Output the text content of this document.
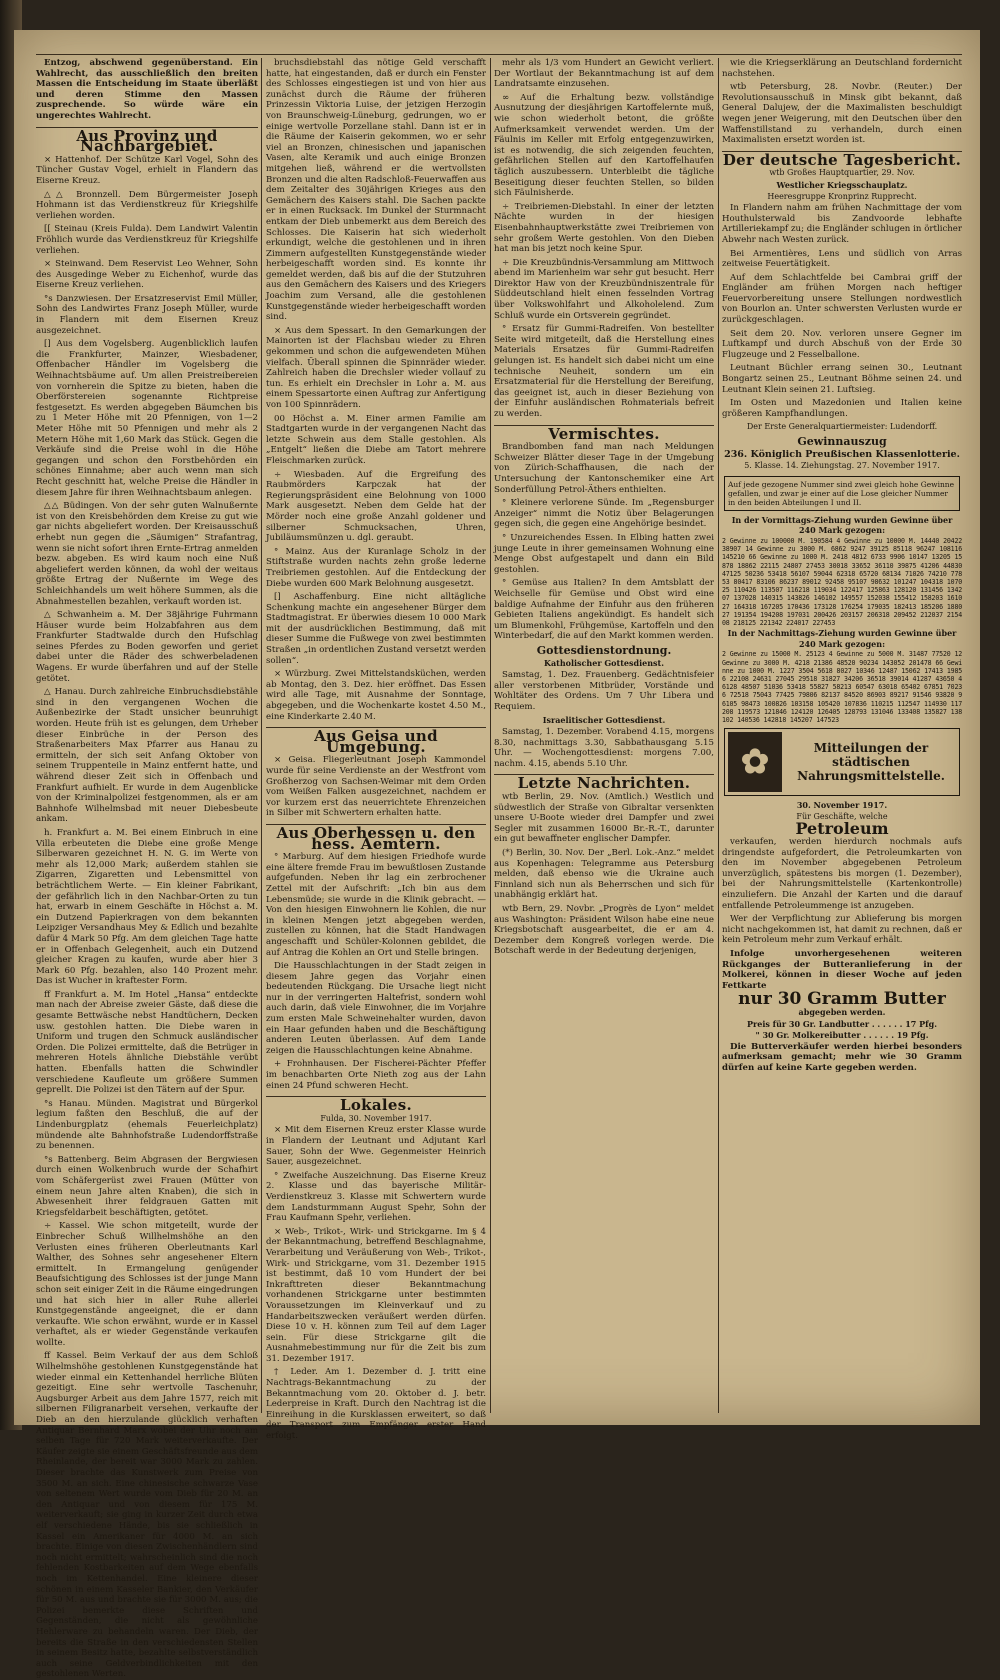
Entzog, abschwend gegenüberstand. Ein Wahlrecht, das ausschließlich den breiten Massen die Entscheidung im Staate überläßt und deren Stimme den Massen zusprechende. So würde wäre ein ungerechtes Wahlrecht.

Aus Provinz und Nachbargebiet.

× Hattenhof. Der Schütze Karl Vogel, Sohn des Tüncher Gustav Vogel, erhielt in Flandern das Eiserne Kreuz.

△△ Bronnzell. Dem Bürgermeister Joseph Hohmann ist das Verdienstkreuz für Kriegshilfe verliehen worden.

[[ Steinau (Kreis Fulda). Dem Landwirt Valentin Fröhlich wurde das Verdienstkreuz für Kriegshilfe verliehen.

× Steinwand. Dem Reservist Leo Wehner, Sohn des Ausgedinge Weber zu Eichenhof, wurde das Eiserne Kreuz verliehen.

°s Danzwiesen. Der Ersatzreservist Emil Müller, Sohn des Landwirtes Franz Joseph Müller, wurde in Flandern mit dem Eisernen Kreuz ausgezeichnet.

[] Aus dem Vogelsberg. Augenblicklich laufen die Frankfurter, Mainzer, Wiesbadener, Offenbacher Händler im Vogelsberg die Weihnachtsbäume auf. Um allen Preistreibereien von vornherein die Spitze zu bieten, haben die Oberförstereien sogenannte Richtpreise festgesetzt. Es werden abgegeben Bäumchen bis zu 1 Meter Höhe mit 20 Pfennigen, von 1—2 Meter Höhe mit 50 Pfennigen und mehr als 2 Metern Höhe mit 1,60 Mark das Stück. Gegen die Verkäufe sind die Preise wohl in die Höhe gegangen und schon den Forstbehörden ein schönes Einnahme; aber auch wenn man sich Recht geschnitt hat, welche Preise die Händler in diesem Jahre für ihren Weihnachtsbaum anlegen.

△△ Büdingen. Von der sehr guten Walnußernte ist von den Kreisbehörden dem Kreise zu gut wie gar nichts abgeliefert worden. Der Kreisausschuß erhebt nun gegen die „Säumigen“ Strafantrag, wenn sie nicht sofort ihren Ernte-Ertrag anmelden bezw. abgeben. Es wird kaum noch eine Nuß abgeliefert werden können, da wohl der weitaus größte Ertrag der Nußernte im Wege des Schleichhandels um weit höhere Summen, als die Abnahmestellen bezahlen, verkauft worden ist.

△ Schwanheim a. M. Der 38jährige Fuhrmann Häuser wurde beim Holzabfahren aus dem Frankfurter Stadtwalde durch den Hufschlag seines Pferdes zu Boden geworfen und geriet dabei unter die Räder des schwerbeladenen Wagens. Er wurde überfahren und auf der Stelle getötet.

△ Hanau. Durch zahlreiche Einbruchsdiebstähle sind in den vergangenen Wochen die Außenbezirke der Stadt unsicher beunruhigt worden. Heute früh ist es gelungen, dem Urheber dieser Einbrüche in der Person des Straßenarbeiters Max Pfarrer aus Hanau zu ermitteln, der sich seit Anfang Oktober von seinem Truppenteile in Mainz entfernt hatte, und während dieser Zeit sich in Offenbach und Frankfurt aufhielt. Er wurde in dem Augenblicke von der Kriminalpolizei festgenommen, als er am Bahnhofe Wilhelmsbad mit neuer Diebesbeute ankam.

h. Frankfurt a. M. Bei einem Einbruch in eine Villa erbeuteten die Diebe eine große Menge Silberwaren gezeichnet H. N. G. im Werte von mehr als 12,000 Mark; außerdem stahlen sie Zigarren, Zigaretten und Lebensmittel von beträchtlichem Werte. — Ein kleiner Fabrikant, der gefährlich lich in den Nachbar-Orten zu tun hat, erwarb in einem Geschäfte in Höchst a. M. ein Dutzend Papierkragen von dem bekannten Leipziger Versandhaus Mey & Edlich und bezahlte dafür 4 Mark 50 Pfg. Am dem gleichen Tage hatte er in Offenbach Gelegenheit, auch ein Dutzend gleicher Kragen zu kaufen, wurde aber hier 3 Mark 60 Pfg. bezahlen, also 140 Prozent mehr. Das ist Wucher in kraftester Form.

ff Frankfurt a. M. Im Hotel „Hansa“ entdeckte man nach der Abreise zweier Gäste, daß diese die gesamte Bettwäsche nebst Handtüchern, Decken usw. gestohlen hatten. Die Diebe waren in Uniform und trugen den Schmuck ausländischer Orden. Die Polizei ermittelte, daß die Betrüger in mehreren Hotels ähnliche Diebstähle verübt hatten. Ebenfalls hatten die Schwindler verschiedene Kaufleute um größere Summen geprellt. Die Polizei ist den Tätern auf der Spur.

°s Hanau. Münden. Magistrat und Bürgerkol legium faßten den Beschluß, die auf der Lindenburgplatz (ehemals Feuerleichplatz) mündende alte Bahnhofstraße Ludendorffstraße zu benennen.

°s Battenberg. Beim Abgrasen der Bergwiesen durch einen Wolkenbruch wurde der Schafhirt vom Schäfergerüst zwei Frauen (Mütter von einem neun Jahre alten Knaben), die sich in Abwesenheit ihrer feldgrauen Gatten mit Kriegsfeldarbeit beschäftigten, getötet.

÷ Kassel. Wie schon mitgeteilt, wurde der Einbrecher Schuß Willhelmshöhe an den Verlusten eines früheren Oberleutnants Karl Walther, des Sohnes sehr angesehener Eltern ermittelt. In Ermangelung genügender Beaufsichtigung des Schlosses ist der junge Mann schon seit einiger Zeit in die Räume eingedrungen und hat sich hier in aller Ruhe allerlei Kunstgegenstände angeeignet, die er dann verkaufte. Wie schon erwähnt, wurde er in Kassel verhaftet, als er wieder Gegenstände verkaufen wollte.

ff Kassel. Beim Verkauf der aus dem Schloß Wilhelmshöhe gestohlenen Kunstgegenstände hat wieder einmal ein Kettenhandel herrliche Blüten gezeitigt. Eine sehr wertvolle Taschenuhr, Augsburger Arbeit aus dem Jahre 1577, reich mit silbernen Filigranarbeit versehen, verkaufte der Dieb an den hierzulande glücklich verhaften Antiquar Bernhard Marx wobei der Uhr noch am selben Tage für 720 Mark weiterverkaufte. Der Käufer zeigte sie einem Geschäftsfreunde aus dem Rheinlande, der bereit war 3000 Mark zu zahlen. Dieser brachte das Kunstwerk zum Preise von 3500 M. an sich. Eine chinesische schwarze Vase von seltenem Wert wurde vom Dieb für 20 M. an den Antiquar und von diesem für 175 M. weiterverkauft; sie ging in kurzer Zeit durch etwa elf verschiedene Hände, bis sie schließlich in Kassel ein Amerikaner für 4000 M. an sich brachte. Einige von diesen Zwischenhändlern sind noch nicht ermittelt; wahrscheinlich sind die noch fehlenden Kostbarkeiten auf dem Wege ebenfalls noch im Kettenhandel. Eine kleinere dieser schönen in einem Kasseler Bankier, den Verkäufer für 50 M. aus und brachte sie für 3000 M. aus; die Polizei bemerkte diese Schriften und Gegenständen, die nicht als gewöhnliche Hehlerware zu behandeln waren. Der Dieb, der bereits die Straße in den verschiedensten Stellen in seinem Besitz hatte, bezahlte selbstverständlich auch seine Geldverbindlichkeiten mit den gestohlenen Werten.

bruchsdiebstahl das nötige Geld verschafft hatte, hat eingestanden, daß er durch ein Fenster des Schlosses eingestiegen ist und von hier aus zunächst durch die Räume der früheren Prinzessin Viktoria Luise, der jetzigen Herzogin von Braunschweig-Lüneburg, gedrungen, wo er einige wertvolle Porzellane stahl. Dann ist er in die Räume der Kaiserin gekommen, wo er sehr viel an Bronzen, chinesischen und japanischen Vasen, alte Keramik und auch einige Bronzen mitgehen ließ, während er die wertvollsten Bronzen und die alten Radschloß-Feuerwaffen aus dem Zeitalter des 30jährigen Krieges aus den Gemächern des Kaisers stahl. Die Sachen packte er in einen Rucksack. Im Dunkel der Sturmnacht entkam der Dieb unbemerkt aus dem Bereich des Schlosses. Die Kaiserin hat sich wiederholt erkundigt, welche die gestohlenen und in ihren Zimmern aufgestellten Kunstgegenstände wieder herbeigeschafft worden sind. Es konnte ihr gemeldet werden, daß bis auf die der Stutzuhren aus den Gemächern des Kaisers und des Kriegers Joachim zum Versand, alle die gestohlenen Kunstgegenstände wieder herbeigeschafft worden sind.

× Aus dem Spessart. In den Gemarkungen der Mainorten ist der Flachsbau wieder zu Ehren gekommen und schon die aufgewendeten Mühen vielfach. Überall spinnen die Spinnräder wieder. Zahlreich haben die Drechsler wieder vollauf zu tun. Es erhielt ein Drechsler in Lohr a. M. aus einem Spessartorte einen Auftrag zur Anfertigung von 100 Spinnrädern.

00 Höchst a. M. Einer armen Familie am Stadtgarten wurde in der vergangenen Nacht das letzte Schwein aus dem Stalle gestohlen. Als „Entgelt“ ließen die Diebe am Tatort mehrere Fleischmarken zurück.

÷ Wiesbaden. Auf die Ergreifung des Raubmörders Karpczak hat der Regierungspräsident eine Belohnung von 1000 Mark ausgesetzt. Neben dem Gelde hat der Mörder noch eine große Anzahl goldener und silberner Schmucksachen, Uhren, Jubiläumsmünzen u. dgl. geraubt.

° Mainz. Aus der Kuranlage Scholz in der Stiftstraße wurden nachts zehn große lederne Treibriemen gestohlen. Auf die Entdeckung der Diebe wurden 600 Mark Belohnung ausgesetzt.

[] Aschaffenburg. Eine nicht alltägliche Schenkung machte ein angesehener Bürger dem Stadtmagistrat. Er überwies diesem 10 000 Mark mit der ausdrücklichen Bestimmung, daß mit dieser Summe die Fußwege von zwei bestimmten Straßen „in ordentlichen Zustand versetzt werden sollen“.

× Würzburg. Zwei Mittelstandsküchen, werden ab Montag, den 3. Dez. hier eröffnet. Das Essen wird alle Tage, mit Ausnahme der Sonntage, abgegeben, und die Wochenkarte kostet 4.50 M., eine Kinderkarte 2.40 M.

Aus Geisa und Umgebung.

× Geisa. Fliegerleutnant Joseph Kammondel wurde für seine Verdienste an der Westfront vom Großherzog von Sachsen-Weimar mit dem Orden vom Weißen Falken ausgezeichnet, nachdem er vor kurzem erst das neuerrichtete Ehrenzeichen in Silber mit Schwertern erhalten hatte.

Aus Oberhessen u. den hess. Aemtern.

° Marburg. Auf dem hiesigen Friedhofe wurde eine ältere fremde Frau im bewußtlosen Zustande aufgefunden. Neben ihr lag ein zerbrochener Zettel mit der Aufschrift: „Ich bin aus dem Lebensmüde; sie wurde in die Klinik gebracht. — Von den hiesigen Einwohnern lie Kohlen, die nur in kleinen Mengen jetzt abgegeben werden, zustellen zu können, hat die Stadt Handwagen angeschafft und Schüler-Kolonnen gebildet, die auf Antrag die Kohlen an Ort und Stelle bringen.

Die Hausschlachtungen in der Stadt zeigen in diesem Jahre gegen das Vorjahr einen bedeutenden Rückgang. Die Ursache liegt nicht nur in der verringerten Haltefrist, sondern wohl auch darin, daß viele Einwohner, die im Vorjahre zum ersten Male Schweinehalter wurden, davon ein Haar gefunden haben und die Beschäftigung anderen Leuten überlassen. Auf dem Lande zeigen die Hausschlachtungen keine Abnahme.

+ Frohnhausen. Der Fischerei-Pächter Pfeffer im benachbarten Orte Nieth zog aus der Lahn einen 24 Pfund schweren Hecht.

Lokales.
Fulda, 30. November 1917.

× Mit dem Eisernen Kreuz erster Klasse wurde in Flandern der Leutnant und Adjutant Karl Sauer, Sohn der Wwe. Gegenmeister Heinrich Sauer, ausgezeichnet.

° Zweifache Auszeichnung. Das Eiserne Kreuz 2. Klasse und das bayerische Militär-Verdienstkreuz 3. Klasse mit Schwertern wurde dem Landsturmmann August Spehr, Sohn der Frau Kaufmann Spehr, verliehen.

× Web-, Trikot-, Wirk- und Strickgarne. Im § 4 der Bekanntmachung, betreffend Beschlagnahme, Verarbeitung und Veräußerung von Web-, Trikot-, Wirk- und Strickgarne, vom 31. Dezember 1915 ist bestimmt, daß 10 vom Hundert der bei Inkrafttreten dieser Bekanntmachung vorhandenen Strickgarne unter bestimmten Voraussetzungen im Kleinverkauf und zu Handarbeitszwecken veräußert werden dürfen. Diese 10 v. H. können zum Teil auf dem Lager sein. Für diese Strickgarne gilt die Ausnahmebestimmung nur für die Zeit bis zum 31. Dezember 1917.

† Leder. Am 1. Dezember d. J. tritt eine Nachtrags-Bekanntmachung zu der Bekanntmachung vom 20. Oktober d. J. betr. Lederpreise in Kraft. Durch den Nachtrag ist die Einreihung in die Kursklassen erweitert, so daß der Transport zum Empfänger erster Hand erfolgt.

mehr als 1/3 vom Hundert an Gewicht verliert. Der Wortlaut der Bekanntmachung ist auf dem Landratsamte einzusehen.

∞ Auf die Erhaltung bezw. vollständige Ausnutzung der diesjährigen Kartoffelernte muß, wie schon wiederholt betont, die größte Aufmerksamkeit verwendet werden. Um der Fäulnis im Keller mit Erfolg entgegenzuwirken, ist es notwendig, die sich zeigenden feuchten, gefährlichen Stellen auf den Kartoffelhaufen täglich auszubessern. Unterbleibt die tägliche Beseitigung dieser feuchten Stellen, so bilden sich Fäulnisherde.

÷ Treibriemen-Diebstahl. In einer der letzten Nächte wurden in der hiesigen Eisenbahnhauptwerkstätte zwei Treibriemen von sehr großem Werte gestohlen. Von den Dieben hat man bis jetzt noch keine Spur.

÷ Die Kreuzbündnis-Versammlung am Mittwoch abend im Marienheim war sehr gut besucht. Herr Direktor Haw von der Kreuzbündniszentrale für Süddeutschland hielt einen fesselnden Vortrag über Volkswohlfahrt und Alkoholelend. Zum Schluß wurde ein Ortsverein gegründet.

° Ersatz für Gummi-Radreifen. Von bestellter Seite wird mitgeteilt, daß die Herstellung eines Materials Ersatzes für Gummi-Radreifen gelungen ist. Es handelt sich dabei nicht um eine technische Neuheit, sondern um ein Ersatzmaterial für die Herstellung der Bereifung, das geeignet ist, auch in dieser Beziehung von der Einfuhr ausländischen Rohmaterials befreit zu werden.

Vermischtes.

Brandbomben fand man nach Meldungen Schweizer Blätter dieser Tage in der Umgebung von Zürich-Schaffhausen, die nach der Untersuchung der Kantonschemiker eine Art Sonderfüllung Petrol-Äthers enthielten.

° Kleinere verlorene Sünde. Im „Regensburger Anzeiger“ nimmt die Notiz über Belagerungen gegen sich, die gegen eine Angehörige besindet.

° Unzureichendes Essen. In Elbing hatten zwei junge Leute in ihrer gemeinsamen Wohnung eine Menge Obst aufgestapelt und dann ein Bild gestohlen.

° Gemüse aus Italien? In dem Amtsblatt der Weichselle für Gemüse und Obst wird eine baldige Aufnahme der Einfuhr aus den früheren Gebieten Italiens angekündigt. Es handelt sich um Blumenkohl, Frühgemüse, Kartoffeln und den Winterbedarf, die auf den Markt kommen werden.

Gottesdienstordnung.
Katholischer Gottesdienst.

Samstag, 1. Dez. Frauenberg. Gedächtnisfeier aller verstorbenen Mitbrüder, Vorstände und Wohltäter des Ordens. Um 7 Uhr Libera und Requiem.

Israelitischer Gottesdienst.

Samstag, 1. Dezember. Vorabend 4.15, morgens 8.30, nachmittags 3.30, Sabbathausgang 5.15 Uhr. — Wochengottesdienst: morgens 7.00, nachm. 4.15, abends 5.10 Uhr.

Letzte Nachrichten.

wtb Berlin, 29. Nov. (Amtlich.) Westlich und südwestlich der Straße von Gibraltar versenkten unsere U-Boote wieder drei Dampfer und zwei Segler mit zusammen 16000 Br.-R.-T., darunter ein gut bewaffneter englischer Dampfer.

(*) Berlin, 30. Nov. Der „Berl. Lok.-Anz.“ meldet aus Kopenhagen: Telegramme aus Petersburg melden, daß ebenso wie die Ukraine auch Finnland sich nun als Beherrschen und sich für unabhängig erklärt hat.

wtb Bern, 29. Novbr. „Progrès de Lyon“ meldet aus Washington: Präsident Wilson habe eine neue Kriegsbotschaft ausgearbeitet, die er am 4. Dezember dem Kongreß vorlegen werde. Die Botschaft werde in der Bedeutung derjenigen,

wie die Kriegserklärung an Deutschland fordernicht nachstehen.

wtb Petersburg, 28. Novbr. (Reuter.) Der Revolutionsausschuß in Minsk gibt bekannt, daß General Dalujew, der die Maximalisten beschuldigt wegen jener Weigerung, mit den Deutschen über den Waffenstillstand zu verhandeln, durch einen Maximalisten ersetzt worden ist.

Der deutsche Tagesbericht.
wtb Großes Hauptquartier, 29. Nov.
Westlicher Kriegsschauplatz.
Heeresgruppe Kronprinz Rupprecht.

In Flandern nahm am frühen Nachmittage der vom Houthulsterwald bis Zandvoorde lebhafte Artilleriekampf zu; die Engländer schlugen in örtlicher Abwehr nach Westen zurück.

Bei Armentières, Lens und südlich von Arras zeitweise Feuertätigkeit.

Auf dem Schlachtfelde bei Cambrai griff der Engländer am frühen Morgen nach heftiger Feuervorbereitung unsere Stellungen nordwestlich von Bourlon an. Unter schwersten Verlusten wurde er zurückgeschlagen.

Seit dem 20. Nov. verloren unsere Gegner im Luftkampf und durch Abschuß von der Erde 30 Flugzeuge und 2 Fesselballone.

Leutnant Büchler errang seinen 30., Leutnant Bongartz seinen 25., Leutnant Böhme seinen 24. und Leutnant Klein seinen 21. Luftsieg.

Im Osten und Mazedonien und Italien keine größeren Kampfhandlungen.

Der Erste Generalquartiermeister: Ludendorff.
Gewinnauszug
236. Königlich Preußischen Klassenlotterie.
5. Klasse. 14. Ziehungstag. 27. November 1917.
Auf jede gezogene Nummer sind zwei gleich hohe Gewinne gefallen, und zwar je einer auf die Lose gleicher Nummer in den beiden Abteilungen I und II.
In der Vormittags-Ziehung wurden Gewinne über 240 Mark gezogen:
2 Gewinne zu 100000 M. 190584 4 Gewinne zu 10000 M. 14440 20422 38907 14 Gewinne zu 3000 M. 6862 9247 39125 85118 96247 108116 145210 66 Gewinne zu 1000 M. 2418 4812 6733 9906 10147 13205 15878 18862 22115 24807 27453 30018 33652 36110 39875 41206 44830 47125 50236 53418 56107 59044 62318 65720 68134 71026 74210 77853 80417 83106 86237 89012 92458 95107 98632 101247 104318 107025 110426 113507 116218 119034 122417 125863 128120 131456 134207 137028 140315 143826 146102 149557 152038 155412 158203 161027 164318 167205 170436 173128 176254 179035 182413 185206 188027 191354 194208 197031 200426 203157 206318 209452 212037 215408 218125 221342 224017 227453
In der Nachmittags-Ziehung wurden Gewinne über 240 Mark gezogen:
2 Gewinne zu 15000 M. 25123 4 Gewinne zu 5000 M. 31487 77520 12 Gewinne zu 3000 M. 4218 21386 48520 90234 143052 201478 66 Gewinne zu 1000 M. 1227 3504 5618 8027 10346 12487 15062 17413 19856 22108 24631 27045 29518 31827 34206 36518 39014 41287 43650 46128 48507 51036 53418 55827 58213 60547 63018 65402 67851 70236 72518 75043 77425 79806 82137 84520 86903 89217 91546 93820 96105 98473 100826 103158 105420 107836 110215 112547 114930 117208 119573 121846 124120 126405 128793 131046 133408 135827 138102 140536 142818 145207 147523
✿	Mitteilungen der städtischen Nahrungsmittelstelle.
30. November 1917.
Für Geschäfte, welche
Petroleum

verkaufen, werden hierdurch nochmals aufs dringendste aufgefordert, die Petroleumkarten von den im November abgegebenen Petroleum unverzüglich, spätestens bis morgen (1. Dezember), bei der Nahrungsmittelstelle (Kartenkontrolle) einzuliefern. Die Anzahl der Karten und die darauf entfallende Petroleummenge ist anzugeben.

Wer der Verpflichtung zur Ablieferung bis morgen nicht nachgekommen ist, hat damit zu rechnen, daß er kein Petroleum mehr zum Verkauf erhält.

Infolge unvorhergesehenen weiteren Rückganges der Butteranlieferung in der Molkerei, können in dieser Woche auf jeden Fettkarte

nur 30 Gramm Butter
abgegeben werden.
Preis für 30 Gr. Landbutter . . . . . . 17 Pfg.
" 30 Gr. Molkereibutter . . . . . . 19 Pfg.

Die Butterverkäufer werden hierbei besonders aufmerksam gemacht; mehr wie 30 Gramm dürfen auf keine Karte gegeben werden.
